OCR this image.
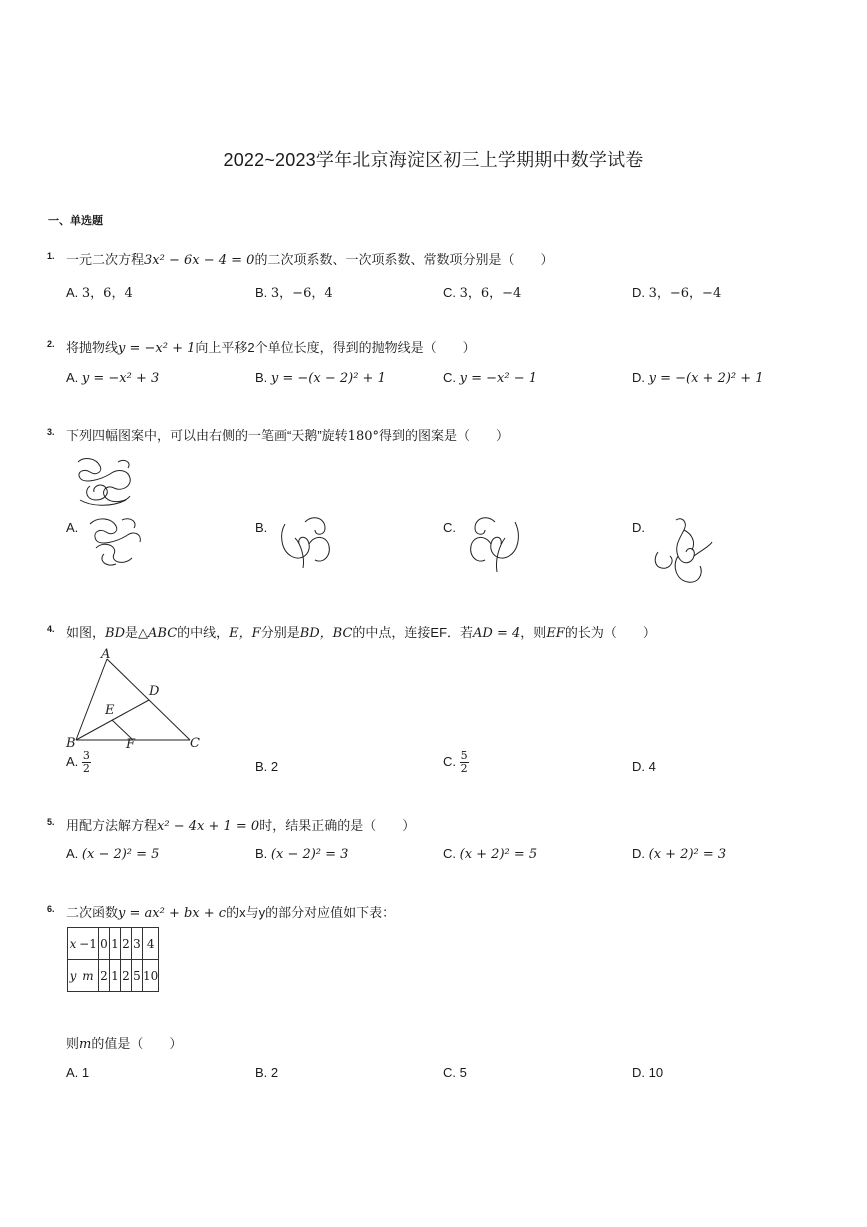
2022~2023学年北京海淀区初三上学期期中数学试卷
一、单选题
1. 一元二次方程3x² − 6x − 4 = 0的二次项系数、一次项系数、常数项分别是（　　）
A. 3，6，4	B. 3，−6，4	C. 3，6，−4	D. 3，−6，−4
2. 将抛物线y = −x² + 1向上平移2个单位长度，得到的抛物线是（　　）
A. y = −x² + 3	B. y = −(x − 2)² + 1	C. y = −x² − 1	D. y = −(x + 2)² + 1
3. 下列四幅图案中，可以由右侧的一笔画“天鹅”旋转180°得到的图案是（　　）
A.	B.	C.	D.
4. 如图，BD是△ABC的中线，E，F分别是BD，BC的中点，连接EF．若AD = 4，则EF的长为（　　）
A
B	C
D
E
F
A. $\frac{3}{2}$	B. 2	C. $\frac{5}{2}$	D. 4
5. 用配方法解方程x² − 4x + 1 = 0时，结果正确的是（　　）
A. (x − 2)² = 5	B. (x − 2)² = 3	C. (x + 2)² = 5	D. (x + 2)² = 3
6. 二次函数y = ax² + bx + c的x与y的部分对应值如下表：
x	−1	0	1	2	3	4
y	m	2	1	2	5	10
则m的值是（　　）
A. 1	B. 2	C. 5	D. 10
